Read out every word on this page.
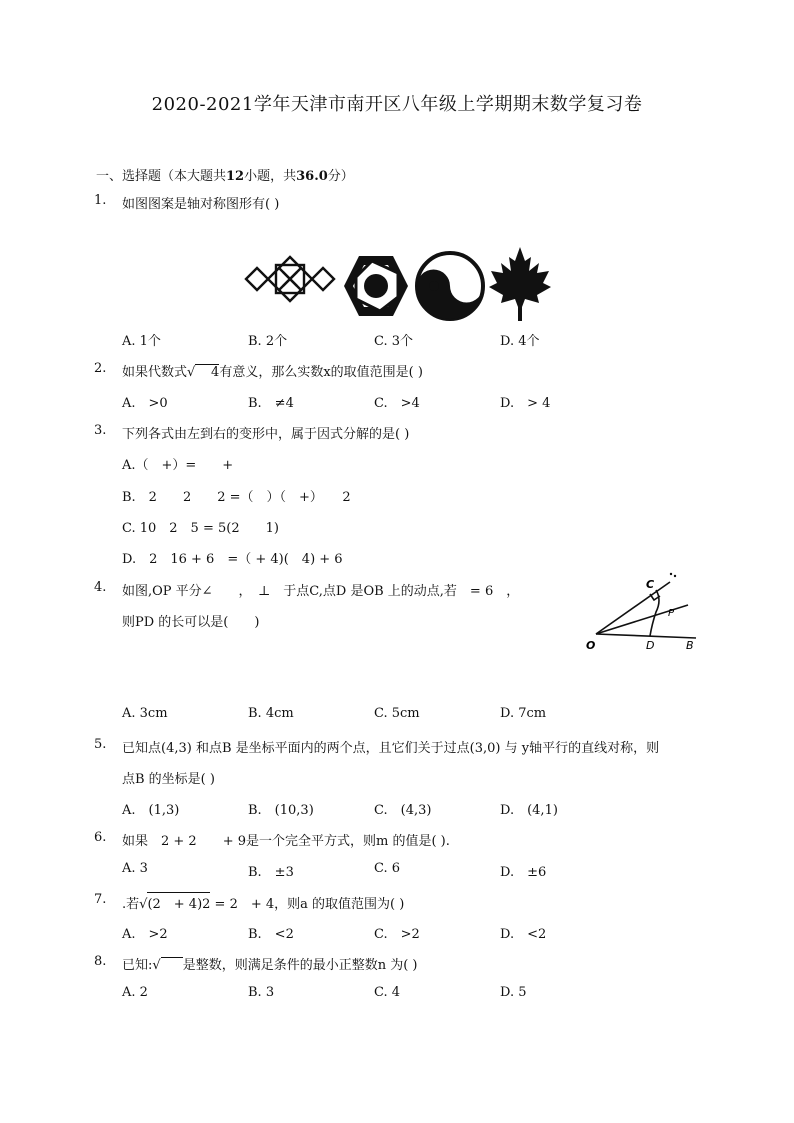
2020-2021学年天津市南开区八年级上学期期末数学复习卷
一、选择题（本大题共12小题，共36.0分）
1. 如图图案是轴对称图形有( )
A. 1个	B. 2个	C. 3个	D. 4个
2. 如果代数式√ 4有意义，那么实数x的取值范围是( )
A.　>0	B.　≠4	C.　>4	D.　> 4
3. 下列各式由左到右的变形中，属于因式分解的是( )
A.（　+）=　　+
B.　2　　2　　2 =（　）（　+）　　2
C. 10　2　5 = 5(2　　1)
D.　2　16 + 6　=（ + 4)(　4) + 6
4. 如图,OP 平分∠　　，　⊥　于点C,点D 是OB 上的动点,若　= 6　，
则PD 的长可以是(　　)
C
P
O	D	B
A. 3cm	B. 4cm	C. 5cm	D. 7cm
5. 已知点(4,3) 和点B 是坐标平面内的两个点，且它们关于过点(3,0) 与 y轴平行的直线对称，则
点B 的坐标是( )
A.　(1,3)	B.　(10,3)	C.　(4,3)	D.　(4,1)
6. 如果　2 + 2　　+ 9是一个完全平方式，则m 的值是( ).
A. 3	B.　±3	C. 6	D.　±6
7. .若√(2　+ 4)2 = 2　+ 4，则a 的取值范围为( )
A.　>2	B.　<2	C.　>2	D.　<2
8. 已知:√ 是整数，则满足条件的最小正整数n 为( )
A. 2	B. 3	C. 4	D. 5
